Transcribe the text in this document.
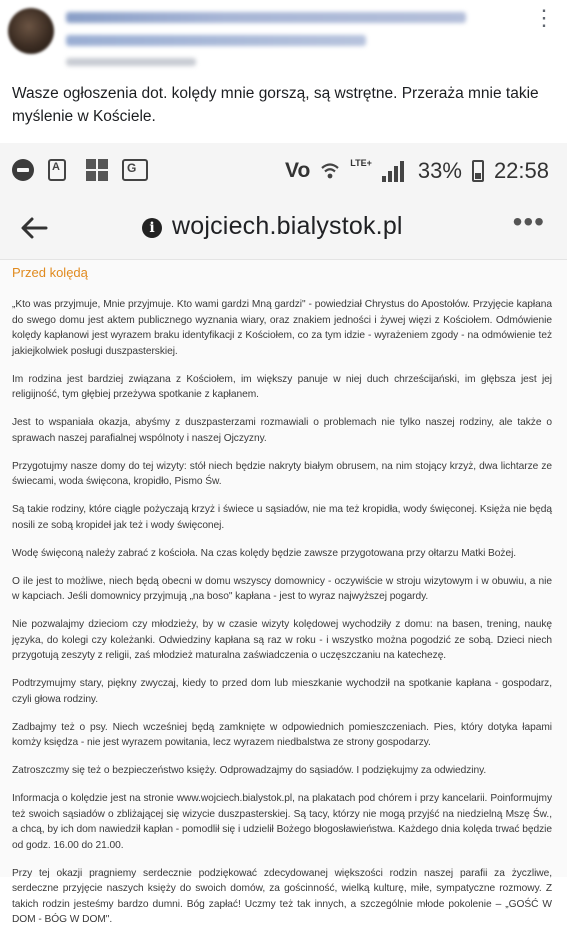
⋮
Wasze ogłoszenia dot. kolędy mnie gorszą, są wstrętne. Przeraża mnie takie myślenie w Kościele.
A
G
Vo	LTE+ 33% 22:58
i wojciech.bialystok.pl	•••
Przed kolędą

„Kto was przyjmuje, Mnie przyjmuje. Kto wami gardzi Mną gardzi" - powiedział Chrystus do Apostołów. Przyjęcie kapłana do swego domu jest aktem publicznego wyznania wiary, oraz znakiem jedności i żywej więzi z Kościołem. Odmówienie kolędy kapłanowi jest wyrazem braku identyfikacji z Kościołem, co za tym idzie - wyrażeniem zgody - na odmówienie też jakiejkolwiek posługi duszpasterskiej.

Im rodzina jest bardziej związana z Kościołem, im większy panuje w niej duch chrześcijański, im głębsza jest jej religijność, tym głębiej przeżywa spotkanie z kapłanem.

Jest to wspaniała okazja, abyśmy z duszpasterzami rozmawiali o problemach nie tylko naszej rodziny, ale także o sprawach naszej parafialnej wspólnoty i naszej Ojczyzny.

Przygotujmy nasze domy do tej wizyty: stół niech będzie nakryty białym obrusem, na nim stojący krzyż, dwa lichtarze ze świecami, woda święcona, kropidło, Pismo Św.

Są takie rodziny, które ciągle pożyczają krzyż i świece u sąsiadów, nie ma też kropidła, wody święconej. Księża nie będą nosili ze sobą kropideł jak też i wody święconej.

Wodę święconą należy zabrać z kościoła. Na czas kolędy będzie zawsze przygotowana przy ołtarzu Matki Bożej.

O ile jest to możliwe, niech będą obecni w domu wszyscy domownicy - oczywiście w stroju wizytowym i w obuwiu, a nie w kapciach. Jeśli domownicy przyjmują „na boso" kapłana - jest to wyraz najwyższej pogardy.

Nie pozwalajmy dzieciom czy młodzieży, by w czasie wizyty kolędowej wychodziły z domu: na basen, trening, naukę języka, do kolegi czy koleżanki. Odwiedziny kapłana są raz w roku - i wszystko można pogodzić ze sobą. Dzieci niech przygotują zeszyty z religii, zaś młodzież maturalna zaświadczenia o uczęszczaniu na katechezę.

Podtrzymujmy stary, piękny zwyczaj, kiedy to przed dom lub mieszkanie wychodził na spotkanie kapłana - gospodarz, czyli głowa rodziny.

Zadbajmy też o psy. Niech wcześniej będą zamknięte w odpowiednich pomieszczeniach. Pies, który dotyka łapami komży księdza - nie jest wyrazem powitania, lecz wyrazem niedbalstwa ze strony gospodarzy.

Zatroszczmy się też o bezpieczeństwo księży. Odprowadzajmy do sąsiadów. I podziękujmy za odwiedziny.

Informacja o kolędzie jest na stronie www.wojciech.bialystok.pl, na plakatach pod chórem i przy kancelarii. Poinformujmy też swoich sąsiadów o zbliżającej się wizycie duszpasterskiej. Są tacy, którzy nie mogą przyjść na niedzielną Mszę Św., a chcą, by ich dom nawiedził kapłan - pomodlił się i udzielił Bożego błogosławieństwa. Każdego dnia kolęda trwać będzie od godz. 16.00 do 21.00.

Przy tej okazji pragniemy serdecznie podziękować zdecydowanej większości rodzin naszej parafii za życzliwe, serdeczne przyjęcie naszych księży do swoich domów, za gościnność, wielką kulturę, miłe, sympatyczne rozmowy. Z takich rodzin jesteśmy bardzo dumni. Bóg zapłać! Uczmy też tak innych, a szczególnie młode pokolenie – „GOŚĆ W DOM - BÓG W DOM".
